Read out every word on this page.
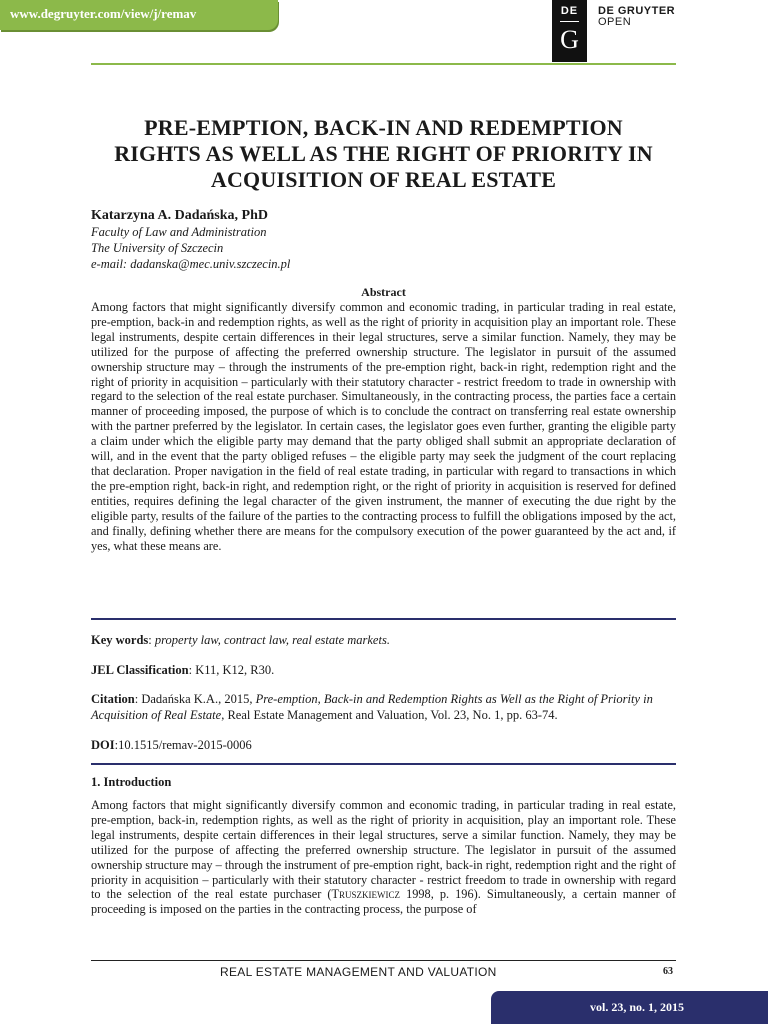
www.degruyter.com/view/j/remav	DE
G
DE GRUYTER
OPEN
PRE-EMPTION, BACK-IN AND REDEMPTION
RIGHTS AS WELL AS THE RIGHT OF PRIORITY IN
ACQUISITION OF REAL ESTATE
Katarzyna A. Dadańska, PhD
Faculty of Law and Administration
The University of Szczecin
e-mail: dadanska@mec.univ.szczecin.pl
Abstract
Among factors that might significantly diversify common and economic trading, in particular trading in real estate, pre-emption, back-in and redemption rights, as well as the right of priority in acquisition play an important role. These legal instruments, despite certain differences in their legal structures, serve a similar function. Namely, they may be utilized for the purpose of affecting the preferred ownership structure. The legislator in pursuit of the assumed ownership structure may – through the instruments of the pre-emption right, back-in right, redemption right and the right of priority in acquisition – particularly with their statutory character - restrict freedom to trade in ownership with regard to the selection of the real estate purchaser. Simultaneously, in the contracting process, the parties face a certain manner of proceeding imposed, the purpose of which is to conclude the contract on transferring real estate ownership with the partner preferred by the legislator. In certain cases, the legislator goes even further, granting the eligible party a claim under which the eligible party may demand that the party obliged shall submit an appropriate declaration of will, and in the event that the party obliged refuses – the eligible party may seek the judgment of the court replacing that declaration. Proper navigation in the field of real estate trading, in particular with regard to transactions in which the pre-emption right, back-in right, and redemption right, or the right of priority in acquisition is reserved for defined entities, requires defining the legal character of the given instrument, the manner of executing the due right by the eligible party, results of the failure of the parties to the contracting process to fulfill the obligations imposed by the act, and finally, defining whether there are means for the compulsory execution of the power guaranteed by the act and, if yes, what these means are.
Key words: property law, contract law, real estate markets.
JEL Classification: K11, K12, R30.
Citation: Dadańska K.A., 2015, Pre-emption, Back-in and Redemption Rights as Well as the Right of Priority in Acquisition of Real Estate, Real Estate Management and Valuation, Vol. 23, No. 1, pp. 63-74.
DOI:10.1515/remav-2015-0006
1. Introduction
Among factors that might significantly diversify common and economic trading, in particular trading in real estate, pre-emption, back-in, redemption rights, as well as the right of priority in acquisition, play an important role. These legal instruments, despite certain differences in their legal structures, serve a similar function. Namely, they may be utilized for the purpose of affecting the preferred ownership structure. The legislator in pursuit of the assumed ownership structure may – through the instrument of pre-emption right, back-in right, redemption right and the right of priority in acquisition – particularly with their statutory character - restrict freedom to trade in ownership with regard to the selection of the real estate purchaser (Truszkiewicz 1998, p. 196). Simultaneously, a certain manner of proceeding is imposed on the parties in the contracting process, the purpose of
REAL ESTATE MANAGEMENT AND VALUATION	63
vol. 23, no. 1, 2015
